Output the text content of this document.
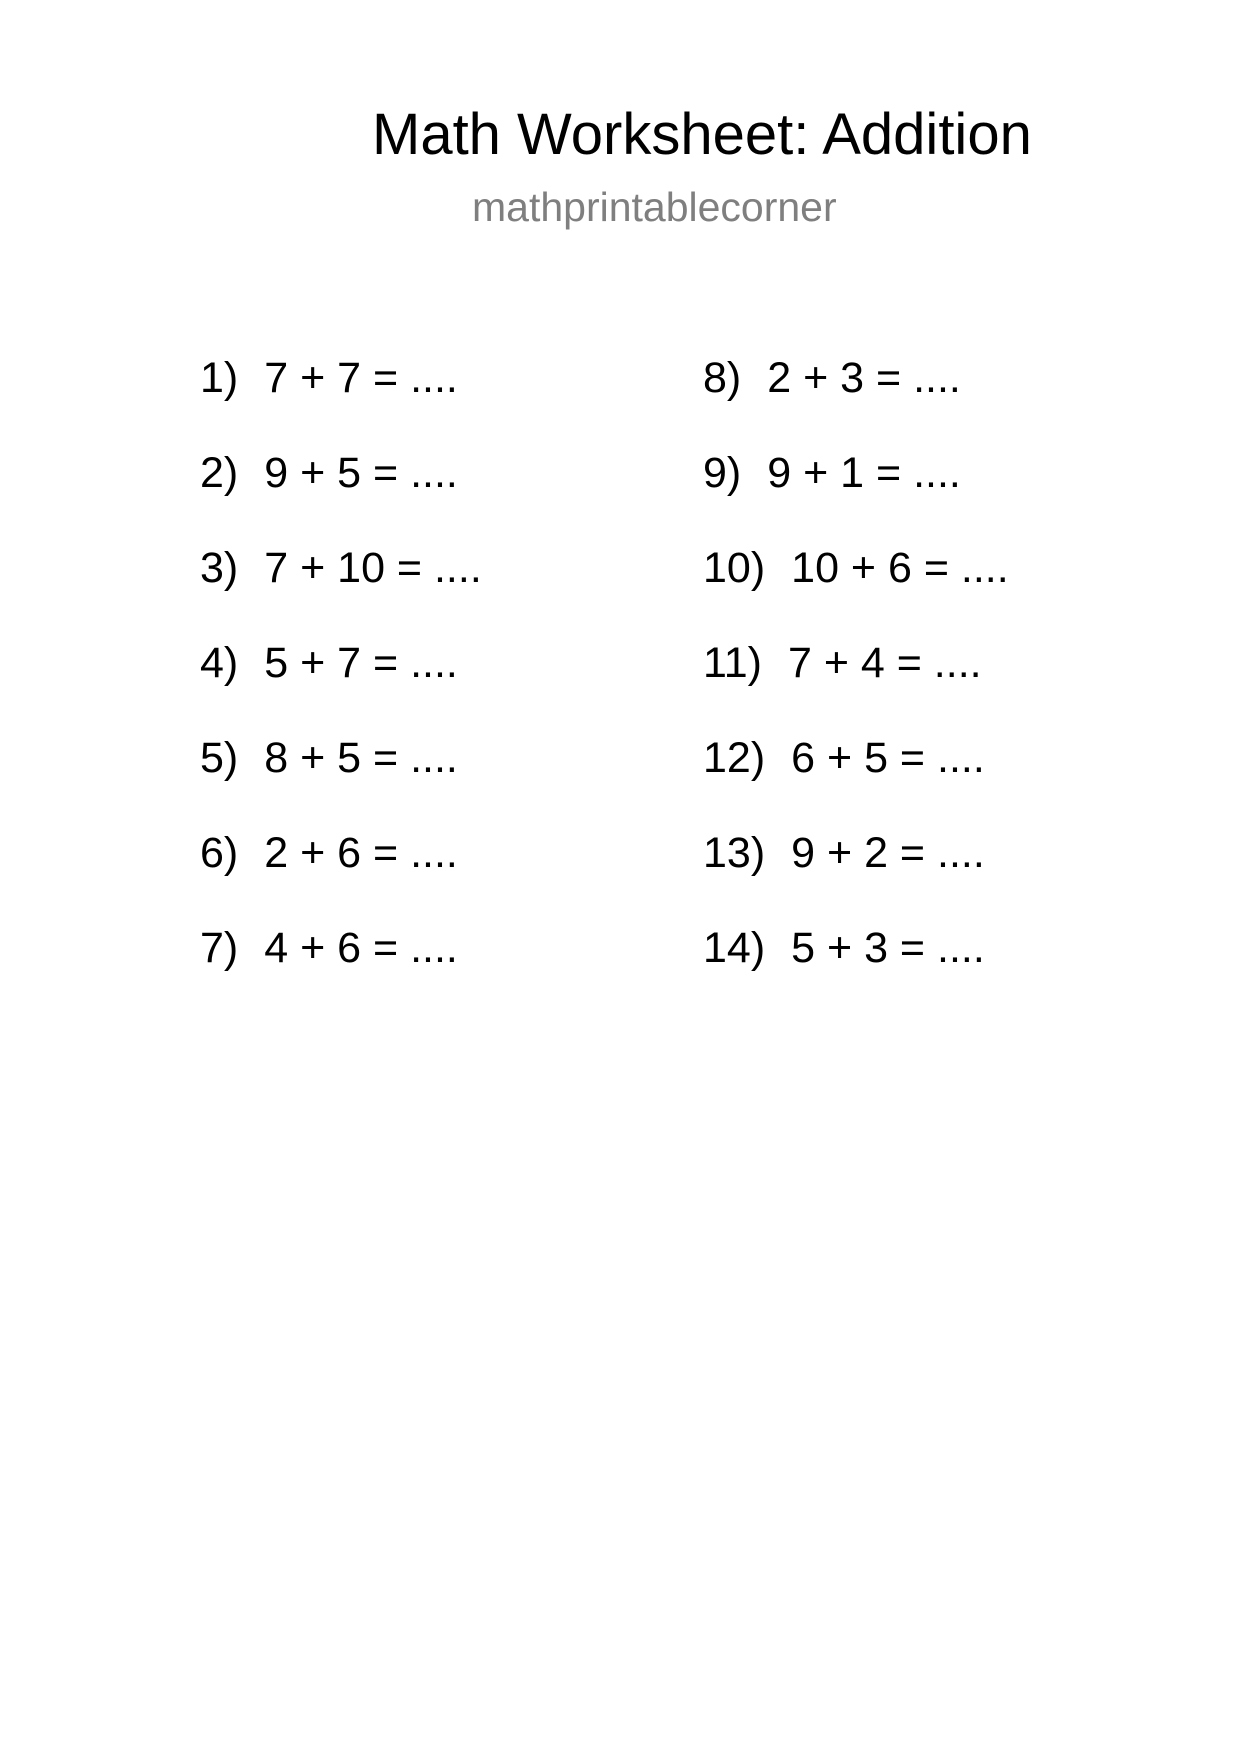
Math Worksheet: Addition
mathprintablecorner
1) 7 + 7 = ....
2) 9 + 5 = ....
3) 7 + 10 = ....
4) 5 + 7 = ....
5) 8 + 5 = ....
6) 2 + 6 = ....
7) 4 + 6 = ....
8) 2 + 3 = ....
9) 9 + 1 = ....
10) 10 + 6 = ....
11) 7 + 4 = ....
12) 6 + 5 = ....
13) 9 + 2 = ....
14) 5 + 3 = ....
